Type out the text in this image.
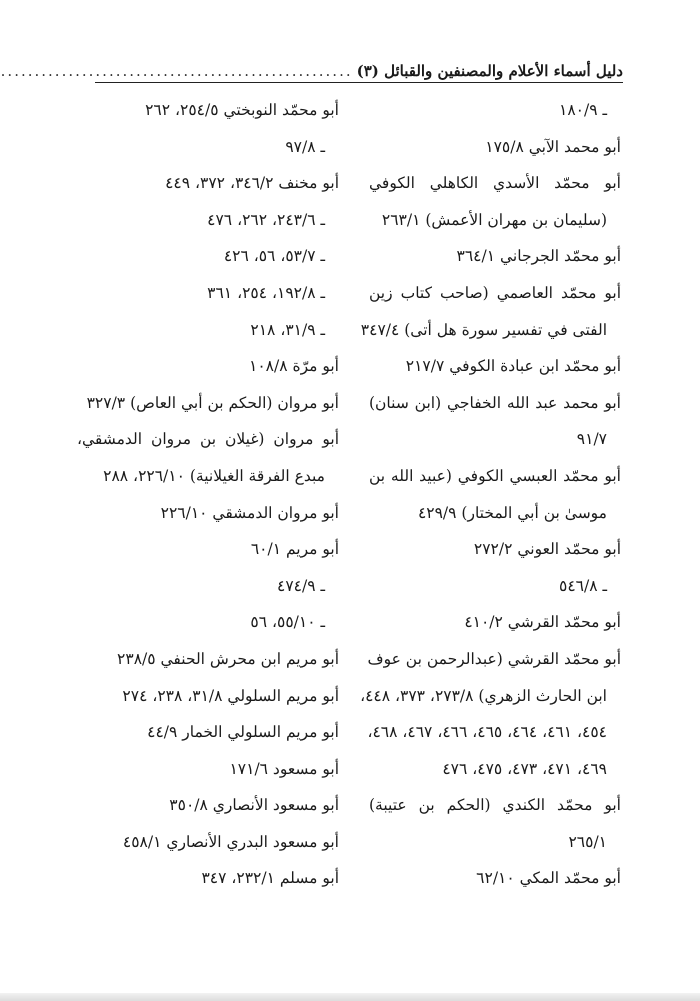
دليل أسماء الأعلام والمصنفين والقبائل (٣)
.....
ـ ١٨٠/٩
أبو محمد الآبي ١٧٥/٨
أبو محمّد الأسدي الكاهلي الكوفي
(سليمان بن مهران الأعمش) ٢٦٣/١
أبو محمّد الجرجاني ٣٦٤/١
أبو محمّد العاصمي (صاحب كتاب زين
الفتى في تفسير سورة هل أتى) ٣٤٧/٤
أبو محمّد ابن عبادة الكوفي ٢١٧/٧
أبو محمد عبد الله الخفاجي (ابن سنان)
٩١/٧
أبو محمّد العبسي الكوفي (عبيد الله بن
موسىٰ بن أبي المختار) ٤٢٩/٩
أبو محمّد العوني ٢٧٢/٢
ـ ٥٤٦/٨
أبو محمّد القرشي ٤١٠/٢
أبو محمّد القرشي (عبدالرحمن بن عوف
ابن الحارث الزهري) ٢٧٣/٨، ٣٧٣، ٤٤٨،
٤٥٤، ٤٦١، ٤٦٤، ٤٦٥، ٤٦٦، ٤٦٧، ٤٦٨،
٤٦٩، ٤٧١، ٤٧٣، ٤٧٥، ٤٧٦
أبو محمّد الكندي (الحكم بن عتيبة)
٢٦٥/١
أبو محمّد المكي ٦٢/١٠
أبو محمّد النوبختي ٢٥٤/٥، ٢٦٢
ـ ٩٧/٨
أبو مخنف ٣٤٦/٢، ٣٧٢، ٤٤٩
ـ ٢٤٣/٦، ٢٦٢، ٤٧٦
ـ ٥٣/٧، ٥٦، ٤٢٦
ـ ١٩٢/٨، ٢٥٤، ٣٦١
ـ ٣١/٩، ٢١٨
أبو مرّة ١٠٨/٨
أبو مروان (الحكم بن أبي العاص) ٣٢٧/٣
أبو مروان (غيلان بن مروان الدمشقي،
مبدع الفرقة الغيلانية) ٢٢٦/١٠، ٢٨٨
أبو مروان الدمشقي ٢٢٦/١٠
أبو مريم ٦٠/١
ـ ٤٧٤/٩
ـ ٥٥/١٠، ٥٦
أبو مريم ابن محرش الحنفي ٢٣٨/٥
أبو مريم السلولي ٣١/٨، ٢٣٨، ٢٧٤
أبو مريم السلولي الخمار ٤٤/٩
أبو مسعود ١٧١/٦
أبو مسعود الأنصاري ٣٥٠/٨
أبو مسعود البدري الأنصاري ٤٥٨/١
أبو مسلم ٢٣٢/١، ٣٤٧
